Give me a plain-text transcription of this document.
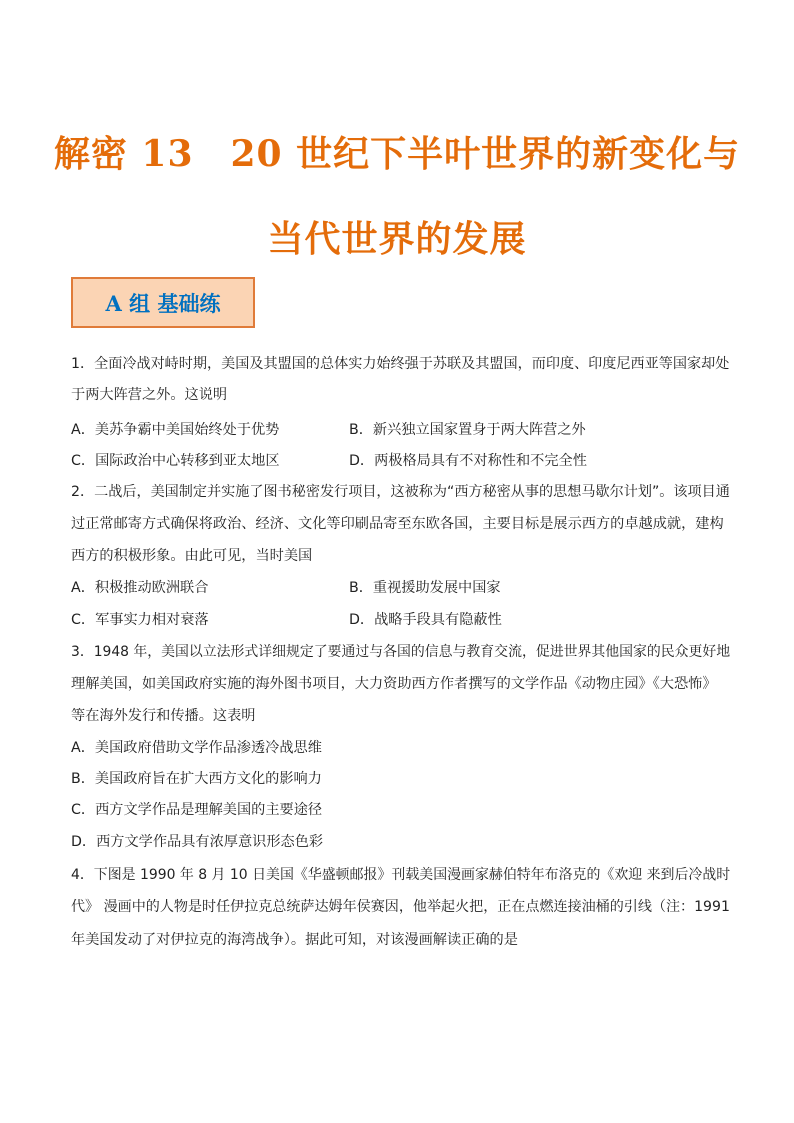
解密 13　20 世纪下半叶世界的新变化与
当代世界的发展
A 组 基础练
1．全面冷战对峙时期，美国及其盟国的总体实力始终强于苏联及其盟国，而印度、印度尼西亚等国家却处
于两大阵营之外。这说明
A．美苏争霸中美国始终处于优势	B．新兴独立国家置身于两大阵营之外
C．国际政治中心转移到亚太地区	D．两极格局具有不对称性和不完全性
2．二战后，美国制定并实施了图书秘密发行项目，这被称为“西方秘密从事的思想马歇尔计划”。该项目通
过正常邮寄方式确保将政治、经济、文化等印刷品寄至东欧各国，主要目标是展示西方的卓越成就，建构
西方的积极形象。由此可见，当时美国
A．积极推动欧洲联合	B．重视援助发展中国家
C．军事实力相对衰落	D．战略手段具有隐蔽性
3．1948 年，美国以立法形式详细规定了要通过与各国的信息与教育交流，促进世界其他国家的民众更好地
理解美国，如美国政府实施的海外图书项目，大力资助西方作者撰写的文学作品《动物庄园》《大恐怖》
等在海外发行和传播。这表明
A．美国政府借助文学作品渗透冷战思维
B．美国政府旨在扩大西方文化的影响力
C．西方文学作品是理解美国的主要途径
D．西方文学作品具有浓厚意识形态色彩
4．下图是 1990 年 8 月 10 日美国《华盛顿邮报》刊载美国漫画家赫伯特年布洛克的《欢迎 来到后冷战时
代》 漫画中的人物是时任伊拉克总统萨达姆年侯赛因，他举起火把，正在点燃连接油桶的引线（注：1991
年美国发动了对伊拉克的海湾战争）。据此可知，对该漫画解读正确的是
